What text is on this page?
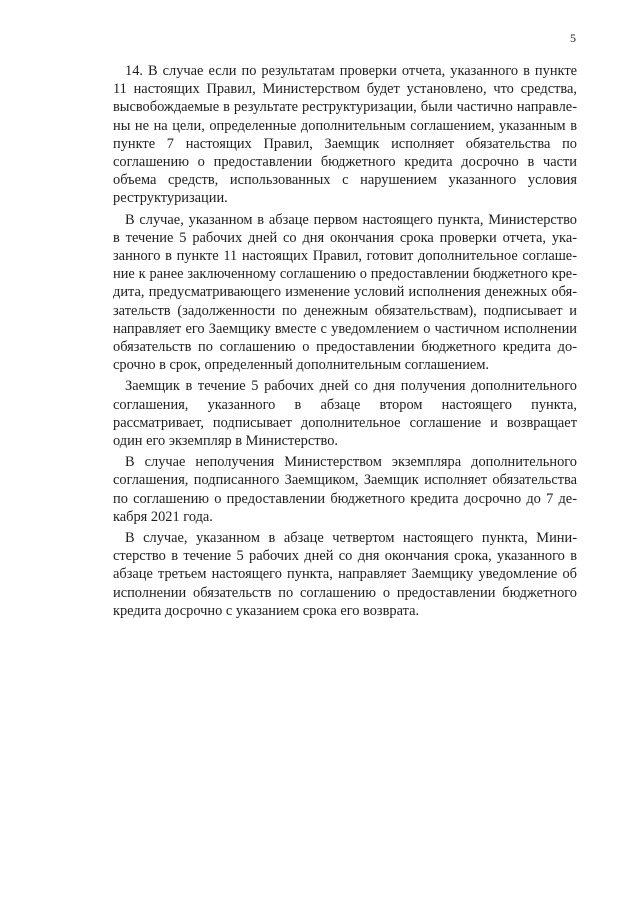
5

14. В случае если по результатам проверки отчета, указанного в пункте 11 настоящих Правил, Министерством будет установлено, что средства, высвобождаемые в результате реструктуризации, были частично направлены не на цели, определенные дополнительным соглашением, указанным в пункте 7 настоящих Правил, Заемщик исполняет обязательства по соглашению о предоставлении бюджетного кредита досрочно в части объема средств, использованных с нарушением указанного условия реструктуризации.

В случае, указанном в абзаце первом настоящего пункта, Министерство в течение 5 рабочих дней со дня окончания срока проверки отчета, указанного в пункте 11 настоящих Правил, готовит дополнительное соглашение к ранее заключенному соглашению о предоставлении бюджетного кредита, предусматривающего изменение условий исполнения денежных обязательств (задолженности по денежным обязательствам), подписывает и направляет его Заемщику вместе с уведомлением о частичном исполнении обязательств по соглашению о предоставлении бюджетного кредита досрочно в срок, определенный дополнительным соглашением.

Заемщик в течение 5 рабочих дней со дня получения дополнительного соглашения, указанного в абзаце втором настоящего пункта, рассматривает, подписывает дополнительное соглашение и возвращает один его экземпляр в Министерство.

В случае неполучения Министерством экземпляра дополнительного соглашения, подписанного Заемщиком, Заемщик исполняет обязательства по соглашению о предоставлении бюджетного кредита досрочно до 7 декабря 2021 года.

В случае, указанном в абзаце четвертом настоящего пункта, Министерство в течение 5 рабочих дней со дня окончания срока, указанного в абзаце третьем настоящего пункта, направляет Заемщику уведомление об исполнении обязательств по соглашению о предоставлении бюджетного кредита досрочно с указанием срока его возврата.
